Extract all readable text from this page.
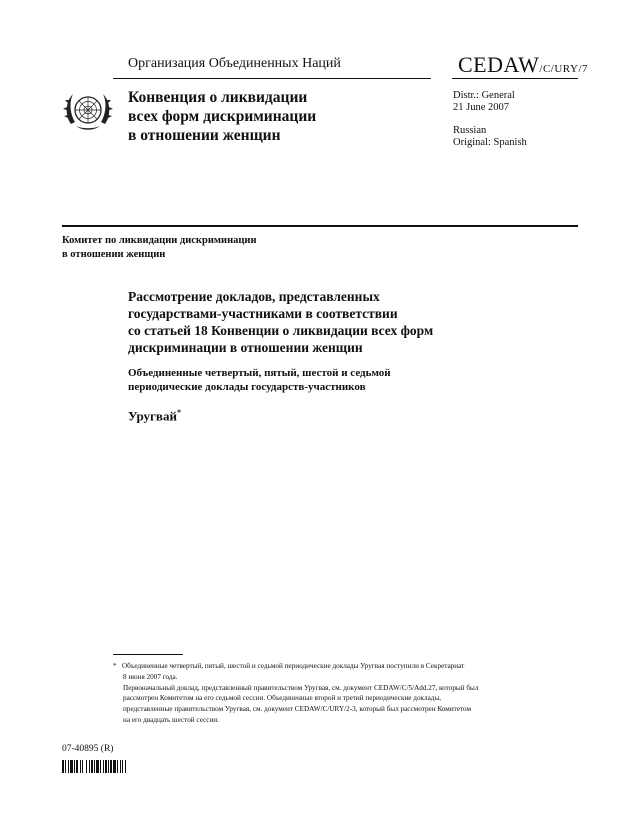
Организация Объединенных Наций	CEDAW/C/URY/7
Конвенция о ликвидации
всех форм дискриминации
в отношении женщин
Distr.: General
21 June 2007
Russian
Original: Spanish
Комитет по ликвидации дискриминации
в отношении женщин
Рассмотрение докладов, представленных
государствами-участниками в соответствии
со статьей 18 Конвенции о ликвидации всех форм
дискриминации в отношении женщин
Объединенные четвертый, пятый, шестой и седьмой
периодические доклады государств-участников
Уругвай*
* Объединенные четвертый, пятый, шестой и седьмой периодические доклады Уругвая поступили в Секретариат
8 июня 2007 года.
Первоначальный доклад, представленный правительством Уругвая, см. документ CEDAW/C/5/Add.27, который был
рассмотрен Комитетом на его седьмой сессии. Объединенные второй и третий периодические доклады,
представленные правительством Уругвая, см. документ CEDAW/C/URY/2-3, который был рассмотрен Комитетом
на его двадцать шестой сессии.
07-40895 (R)
